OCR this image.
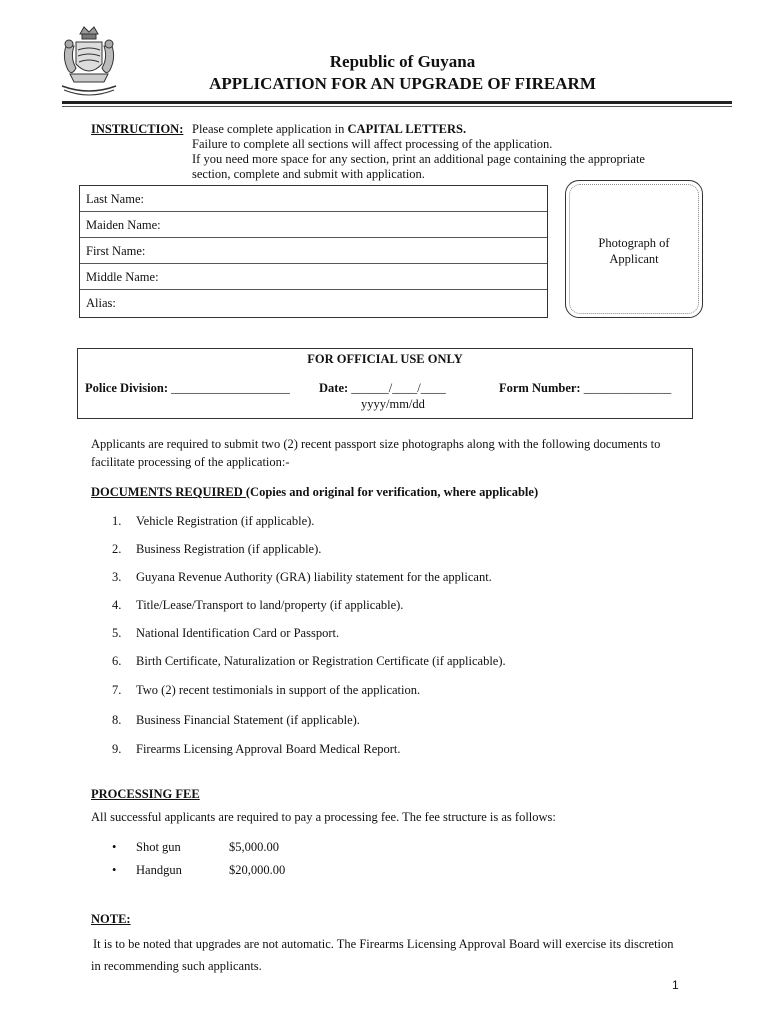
Republic of Guyana
APPLICATION FOR AN UPGRADE OF FIREARM
INSTRUCTION: Please complete application in CAPITAL LETTERS.
Failure to complete all sections will affect processing of the application.
If you need more space for any section, print an additional page containing the appropriate
section, complete and submit with application.
Last Name:
Maiden Name:
First Name:
Middle Name:
Alias:
Photograph of
Applicant
FOR OFFICIAL USE ONLY
Police Division: ___________________ Date: ______/____/____
yyyy/mm/dd
Form Number: ______________
Applicants are required to submit two (2) recent passport size photographs along with the following documents to
facilitate processing of the application:-
DOCUMENTS REQUIRED (Copies and original for verification, where applicable)
1. Vehicle Registration (if applicable).
2. Business Registration (if applicable).
3. Guyana Revenue Authority (GRA) liability statement for the applicant.
4. Title/Lease/Transport to land/property (if applicable).
5. National Identification Card or Passport.
6. Birth Certificate, Naturalization or Registration Certificate (if applicable).
7. Two (2) recent testimonials in support of the application.
8. Business Financial Statement (if applicable).
9. Firearms Licensing Approval Board Medical Report.
PROCESSING FEE
All successful applicants are required to pay a processing fee. The fee structure is as follows:
• Shot gun	$5,000.00
• Handgun	$20,000.00
NOTE:
It is to be noted that upgrades are not automatic. The Firearms Licensing Approval Board will exercise its discretion
in recommending such applicants.
1
